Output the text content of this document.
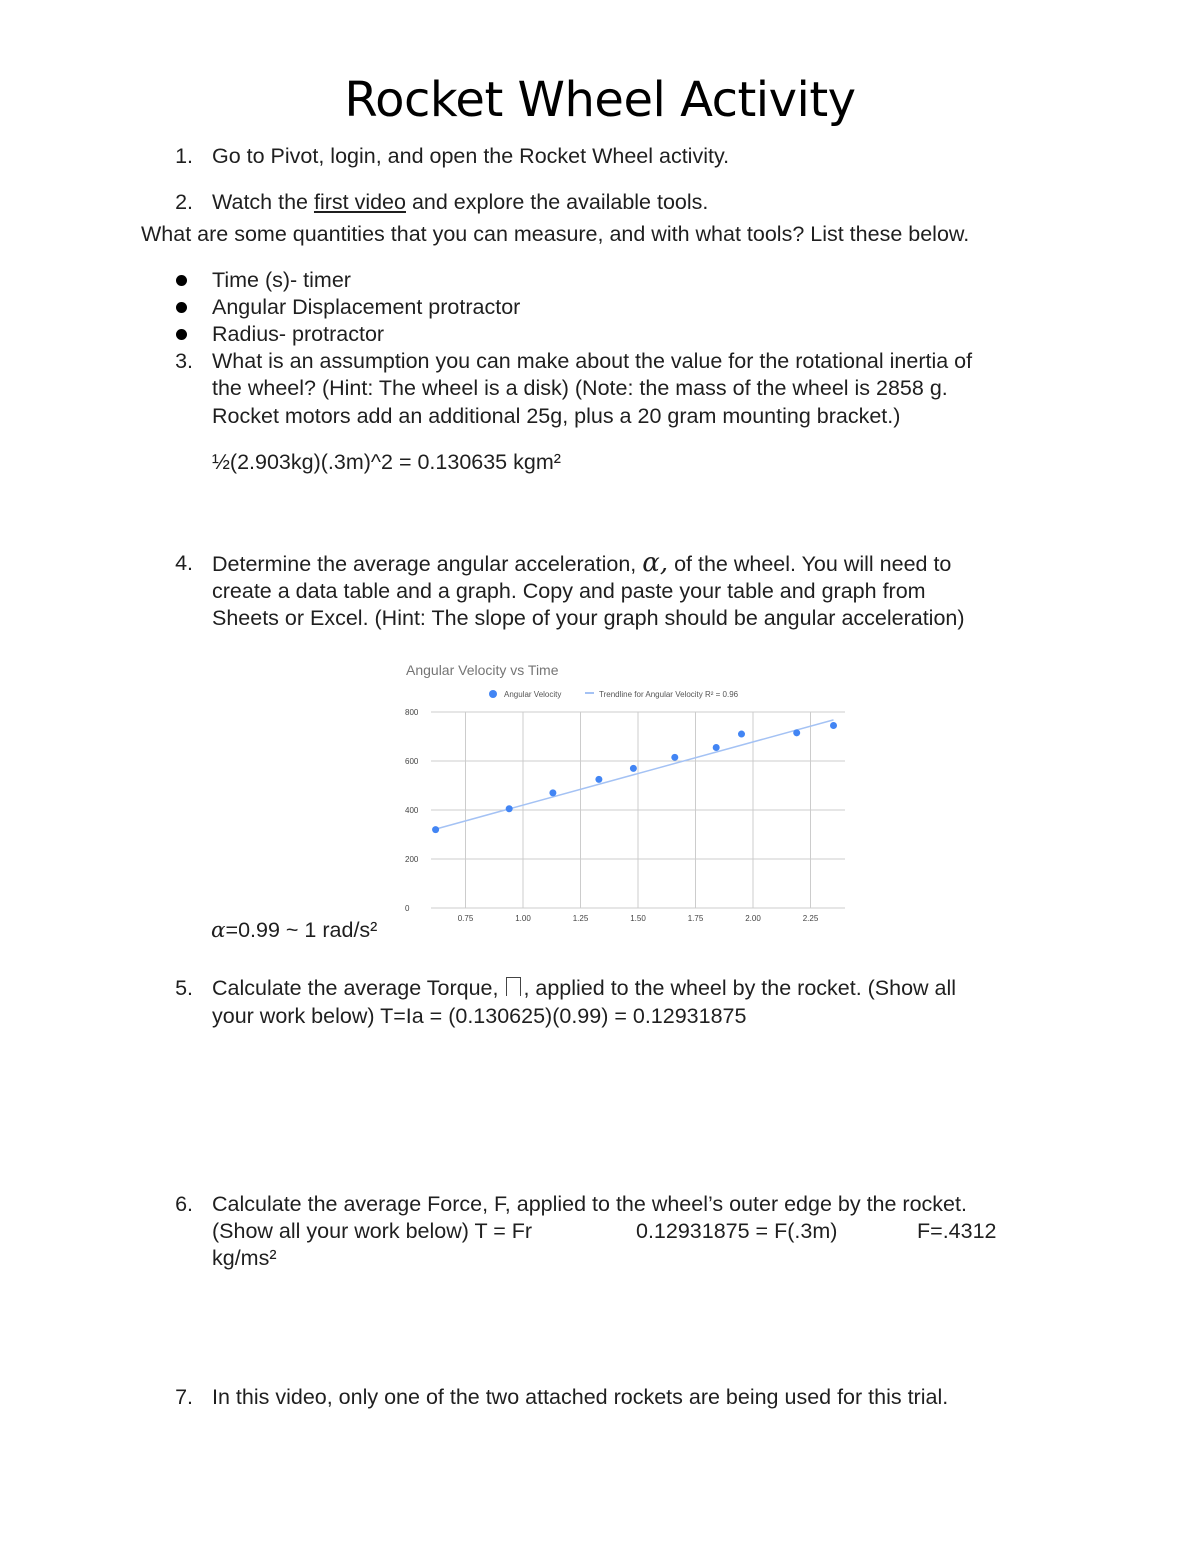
Rocket Wheel Activity
1. Go to Pivot, login, and open the Rocket Wheel activity.
2. Watch the first video and explore the available tools.
What are some quantities that you can measure, and with what tools? List these below.
Time (s)- timer
Angular Displacement protractor
Radius- protractor
3. What is an assumption you can make about the value for the rotational inertia of
the wheel? (Hint: The wheel is a disk) (Note: the mass of the wheel is 2858 g.
Rocket motors add an additional 25g, plus a 20 gram mounting bracket.)
½(2.903kg)(.3m)^2 = 0.130635 kgm²
4. Determine the average angular acceleration, α, of the wheel. You will need to
create a data table and a graph. Copy and paste your table and graph from
Sheets or Excel. (Hint: The slope of your graph should be angular acceleration)
Angular Velocity vs Time
Angular Velocity	Trendline for Angular Velocity R² = 0.96
800
600
400
200
0
0.75	1.00	1.25	1.50	1.75	2.00	2.25
α=0.99 ~ 1 rad/s²
5. Calculate the average Torque, , applied to the wheel by the rocket. (Show all
your work below) T=Ia = (0.130625)(0.99) = 0.12931875
6. Calculate the average Force, F, applied to the wheel’s outer edge by the rocket.
(Show all your work below) T = Fr	0.12931875 = F(.3m)	F=.4312
kg/ms²
7. In this video, only one of the two attached rockets are being used for this trial.
